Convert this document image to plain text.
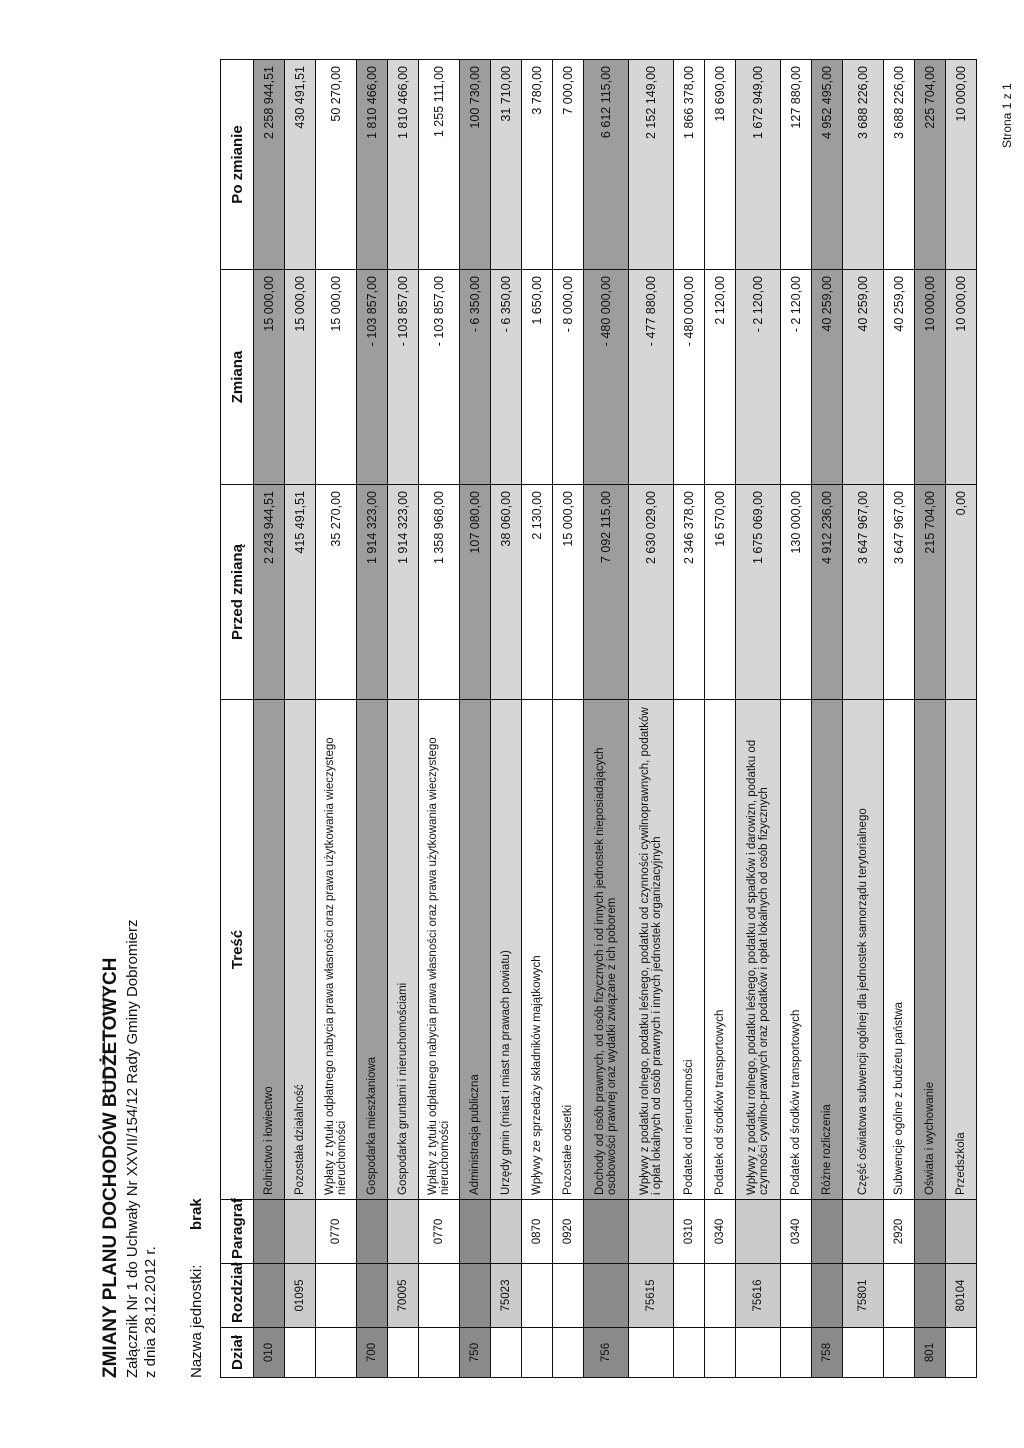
ZMIANY PLANU DOCHODÓW BUDŻETOWYCH Załącznik Nr 1 do Uchwały Nr XXVII/154/12 Rady Gminy Dobromierz z dnia 28.12.2012 r. Nazwa jednostki:
brak
Dział	Rozdział	Paragraf	Treść	Przed zmianą	Zmiana	Po zmianie
010			Rolnictwo i łowiectwo	2 243 944,51	15 000,00	2 258 944,51
	01095		Pozostała działalność	415 491,51	15 000,00	430 491,51
		0770	Wpłaty z tytułu odpłatnego nabycia prawa własności oraz prawa użytkowania wieczystego nieruchomości	35 270,00	15 000,00	50 270,00
700			Gospodarka mieszkaniowa	1 914 323,00	- 103 857,00	1 810 466,00
	70005		Gospodarka gruntami i nieruchomościami	1 914 323,00	- 103 857,00	1 810 466,00
		0770	Wpłaty z tytułu odpłatnego nabycia prawa własności oraz prawa użytkowania wieczystego nieruchomości	1 358 968,00	- 103 857,00	1 255 111,00
750			Administracja publiczna	107 080,00	- 6 350,00	100 730,00
	75023		Urzędy gmin (miast i miast na prawach powiatu)	38 060,00	- 6 350,00	31 710,00
		0870	Wpływy ze sprzedaży składników majątkowych	2 130,00	1 650,00	3 780,00
		0920	Pozostałe odsetki	15 000,00	- 8 000,00	7 000,00
756			Dochody od osób prawnych, od osób fizycznych i od innych jednostek nieposiadających osobowości prawnej oraz wydatki związane z ich poborem	7 092 115,00	- 480 000,00	6 612 115,00
	75615		Wpływy z podatku rolnego, podatku leśnego, podatku od czynności cywilnoprawnych, podatków i opłat lokalnych od osób prawnych i innych jednostek organizacyjnych	2 630 029,00	- 477 880,00	2 152 149,00
		0310	Podatek od nieruchomości	2 346 378,00	- 480 000,00	1 866 378,00
		0340	Podatek od środków transportowych	16 570,00	2 120,00	18 690,00
	75616		Wpływy z podatku rolnego, podatku leśnego, podatku od spadków i darowizn, podatku od czynności cywilno-prawnych oraz podatków i opłat lokalnych od osób fizycznych	1 675 069,00	- 2 120,00	1 672 949,00
		0340	Podatek od środków transportowych	130 000,00	- 2 120,00	127 880,00
758			Różne rozliczenia	4 912 236,00	40 259,00	4 952 495,00
	75801		Część oświatowa subwencji ogólnej dla jednostek samorządu terytorialnego	3 647 967,00	40 259,00	3 688 226,00
		2920	Subwencje ogólne z budżetu państwa	3 647 967,00	40 259,00	3 688 226,00
801			Oświata i wychowanie	215 704,00	10 000,00	225 704,00
	80104		Przedszkola	0,00	10 000,00	10 000,00	Strona 1 z 1
